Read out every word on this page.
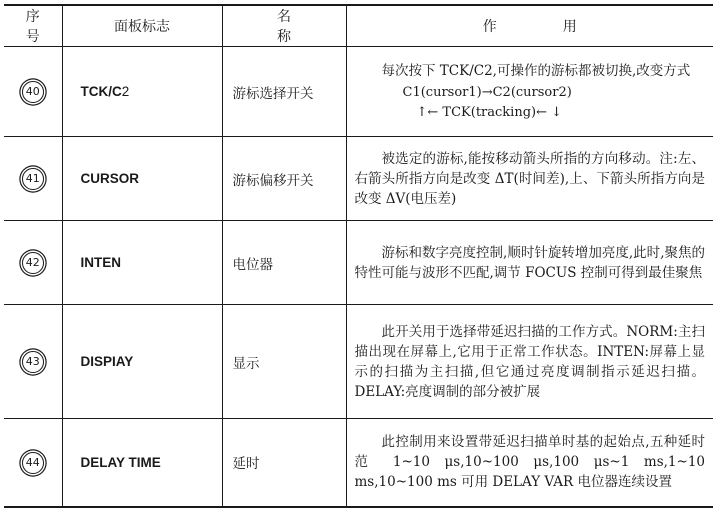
序 号	面板标志	名 称	作 用
40	TCK/C2	游标选择开关	每次按下 TCK/C2,可操作的游标都被切换,改变方式

C1(cursor1)→C2(cursor2)
↑← TCK(tracking)← ↓

41	CURSOR	游标偏移开关	被选定的游标,能按移动箭头所指的方向移动。注:左、右箭头所指方向是改变 ΔT(时间差),上、下箭头所指方向是改变 ΔV(电压差)

42	INTEN	电位器	游标和数字亮度控制,顺时针旋转增加亮度,此时,聚焦的特性可能与波形不匹配,调节 FOCUS 控制可得到最佳聚焦

43	DISPIAY	显示	此开关用于选择带延迟扫描的工作方式。NORM:主扫描出现在屏幕上,它用于正常工作状态。INTEN:屏幕上显示的扫描为主扫描,但它通过亮度调制指示延迟扫描。DELAY:亮度调制的部分被扩展

44	DELAY TIME	延时	此控制用来设置带延迟扫描单时基的起始点,五种延时范 1~10 μs,10~100 μs,100 μs~1 ms,1~10 ms,10~100 ms 可用 DELAY VAR 电位器连续设置
